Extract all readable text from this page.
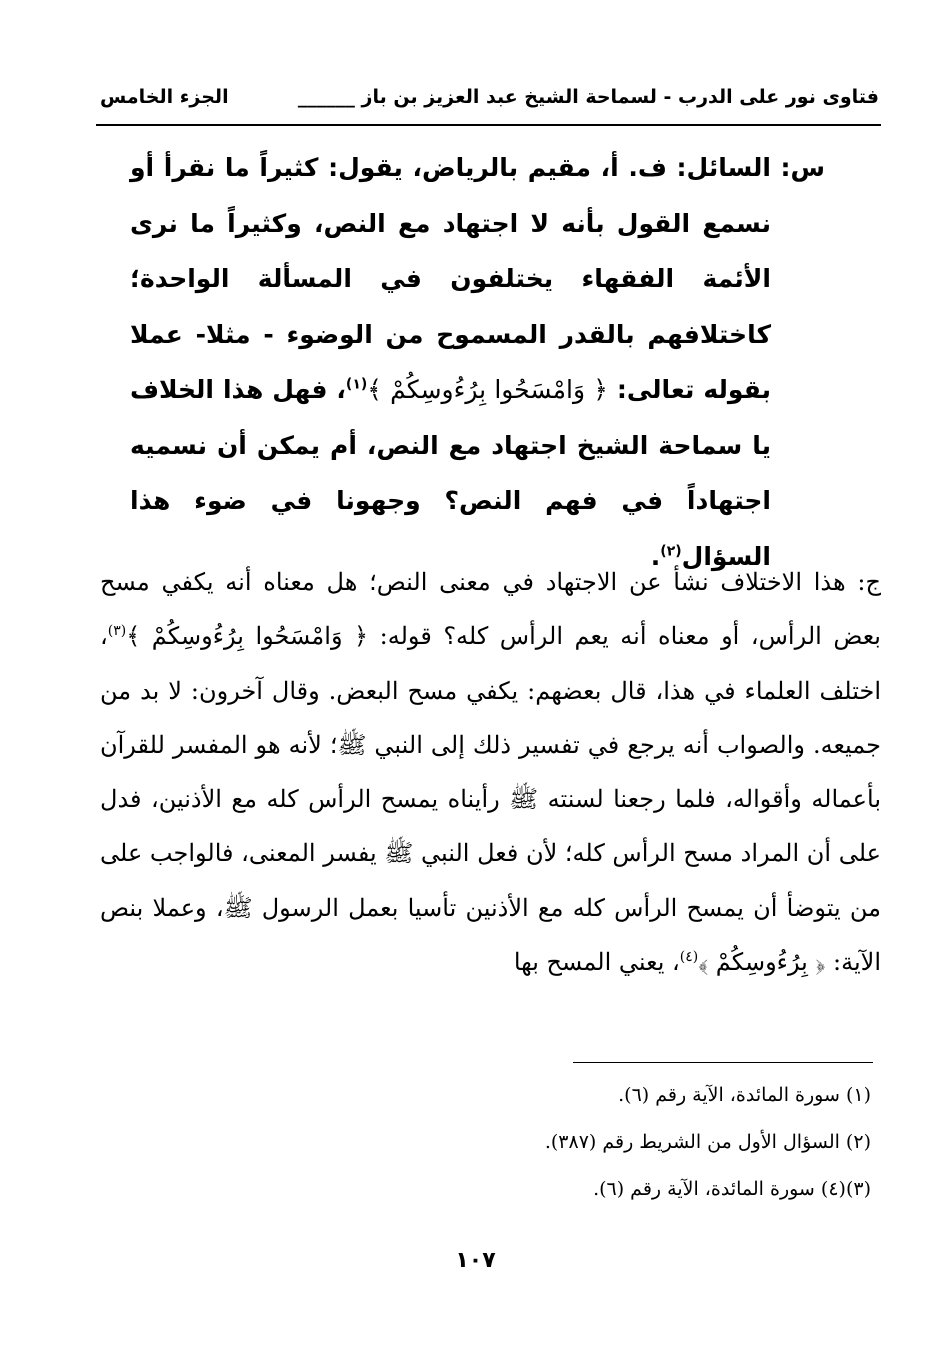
فتاوى نور على الدرب - لسماحة الشيخ عبد العزيز بن باز ______
الجزء الخامس
س:
السائل: ف. أ، مقيم بالرياض، يقول: كثيراً ما نقرأ أو نسمع القول بأنه لا اجتهاد مع النص، وكثيراً ما نرى الأئمة الفقهاء يختلفون في المسألة الواحدة؛ كاختلافهم بالقدر المسموح من الوضوء - مثلا- عملا بقوله تعالى: ﴿ وَامْسَحُوا بِرُءُوسِكُمْ ﴾$^{(١)}$، فهل هذا الخلاف يا سماحة الشيخ اجتهاد مع النص، أم يمكن أن نسميه اجتهاداً في فهم النص؟ وجهونا في ضوء هذا السؤال$^{(٢)}$.
ج: هذا الاختلاف نشأ عن الاجتهاد في معنى النص؛ هل معناه أنه يكفي مسح بعض الرأس، أو معناه أنه يعم الرأس كله؟ قوله: ﴿ وَامْسَحُوا بِرُءُوسِكُمْ ﴾$^{(٣)}$، اختلف العلماء في هذا، قال بعضهم: يكفي مسح البعض. وقال آخرون: لا بد من جميعه. والصواب أنه يرجع في تفسير ذلك إلى النبي ﷺ؛ لأنه هو المفسر للقرآن بأعماله وأقواله، فلما رجعنا لسنته ﷺ رأيناه يمسح الرأس كله مع الأذنين، فدل على أن المراد مسح الرأس كله؛ لأن فعل النبي ﷺ يفسر المعنى، فالواجب على من يتوضأ أن يمسح الرأس كله مع الأذنين تأسيا بعمل الرسول ﷺ، وعملا بنص الآية: ﴿ بِرُءُوسِكُمْ ﴾$^{(٤)}$، يعني المسح بها
(١) سورة المائدة، الآية رقم (٦).
(٢) السؤال الأول من الشريط رقم (٣٨٧).
(٣)(٤) سورة المائدة، الآية رقم (٦).
١٠٧
